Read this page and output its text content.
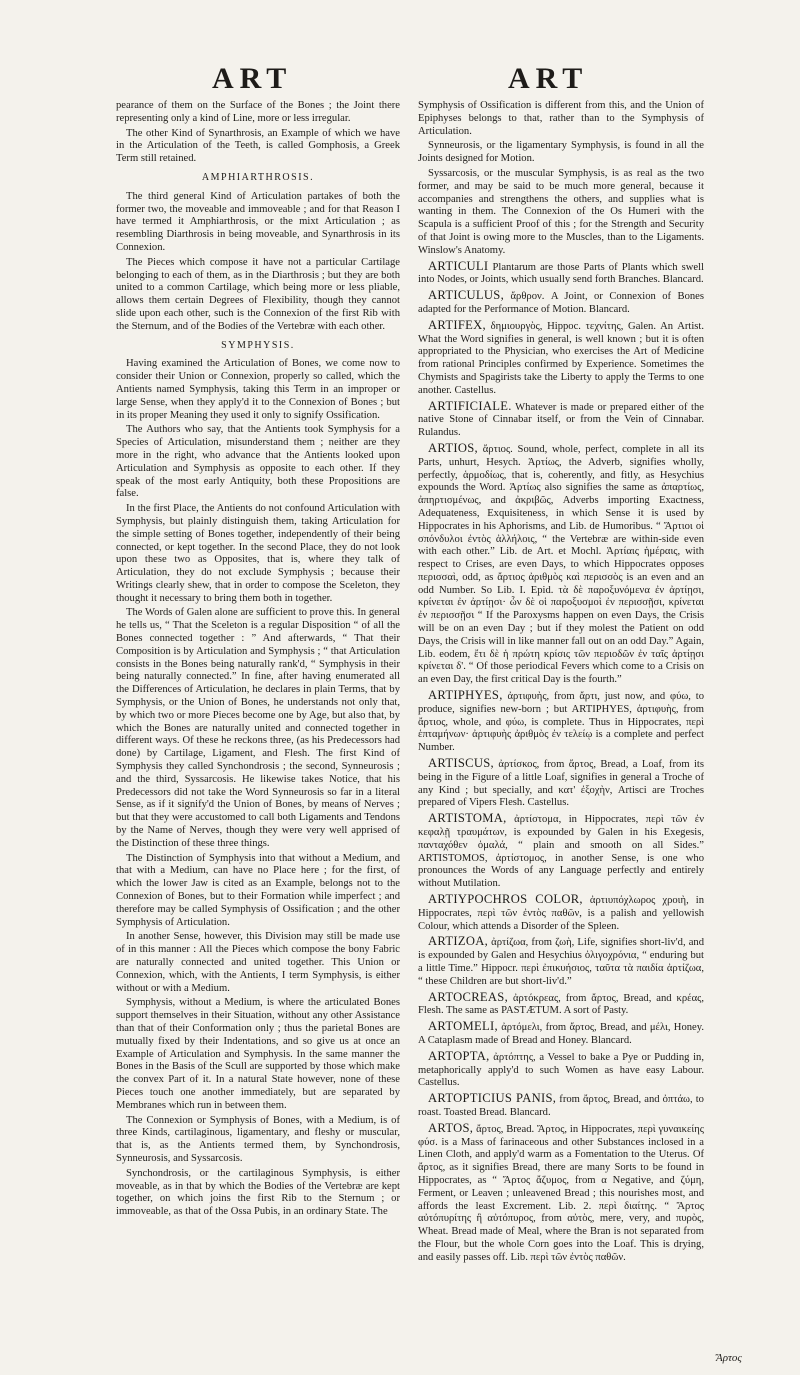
ART	ART

pearance of them on the Surface of the Bones ; the Joint there representing only a kind of Line, more or less irregular.

The other Kind of Synarthrosis, an Example of which we have in the Articulation of the Teeth, is called Gomphosis, a Greek Term still retained.

AMPHIARTHROSIS.

The third general Kind of Articulation partakes of both the former two, the moveable and immoveable ; and for that Reason I have termed it Amphiarthrosis, or the mixt Articulation ; as resembling Diarthrosis in being moveable, and Synarthrosis in its Connexion.

The Pieces which compose it have not a particular Cartilage belonging to each of them, as in the Diarthrosis ; but they are both united to a common Cartilage, which being more or less pliable, allows them certain Degrees of Flexibility, though they cannot slide upon each other, such is the Connexion of the first Rib with the Sternum, and of the Bodies of the Vertebræ with each other.

SYMPHYSIS.

Having examined the Articulation of Bones, we come now to consider their Union or Connexion, properly so called, which the Antients named Symphysis, taking this Term in an improper or large Sense, when they apply'd it to the Connexion of Bones ; but in its proper Meaning they used it only to signify Ossification.

The Authors who say, that the Antients took Symphysis for a Species of Articulation, misunderstand them ; neither are they more in the right, who advance that the Antients looked upon Articulation and Symphysis as opposite to each other. If they speak of the most early Antiquity, both these Propositions are false.

In the first Place, the Antients do not confound Articulation with Symphysis, but plainly distinguish them, taking Articulation for the simple setting of Bones together, independently of their being connected, or kept together. In the second Place, they do not look upon these two as Opposites, that is, where they talk of Articulation, they do not exclude Symphysis ; because their Writings clearly shew, that in order to compose the Sceleton, they thought it necessary to bring them both in together.

The Words of Galen alone are sufficient to prove this. In general he tells us, “ That the Sceleton is a regular Disposition “ of all the Bones connected together : ” And afterwards, “ That their Composition is by Articulation and Symphysis ; “ that Articulation consists in the Bones being naturally rank'd, “ Symphysis in their being naturally connected.” In fine, after having enumerated all the Differences of Articulation, he declares in plain Terms, that by Symphysis, or the Union of Bones, he understands not only that, by which two or more Pieces become one by Age, but also that, by which the Bones are naturally united and connected together in different ways. Of these he reckons three, (as his Predecessors had done) by Cartilage, Ligament, and Flesh. The first Kind of Symphysis they called Synchondrosis ; the second, Synneurosis ; and the third, Syssarcosis. He likewise takes Notice, that his Predecessors did not take the Word Synneurosis so far in a literal Sense, as if it signify'd the Union of Bones, by means of Nerves ; but that they were accustomed to call both Ligaments and Tendons by the Name of Nerves, though they were very well apprised of the Distinction of these three things.

The Distinction of Symphysis into that without a Medium, and that with a Medium, can have no Place here ; for the first, of which the lower Jaw is cited as an Example, belongs not to the Connexion of Bones, but to their Formation while imperfect ; and therefore may be called Symphysis of Ossification ; and the other Symphysis of Articulation.

In another Sense, however, this Division may still be made use of in this manner : All the Pieces which compose the bony Fabric are naturally connected and united together. This Union or Connexion, which, with the Antients, I term Symphysis, is either without or with a Medium.

Symphysis, without a Medium, is where the articulated Bones support themselves in their Situation, without any other Assistance than that of their Conformation only ; thus the parietal Bones are mutually fixed by their Indentations, and so give us at once an Example of Articulation and Symphysis. In the same manner the Bones in the Basis of the Scull are supported by those which make the convex Part of it. In a natural State however, none of these Pieces touch one another immediately, but are separated by Membranes which run in between them.

The Connexion or Symphysis of Bones, with a Medium, is of three Kinds, cartilaginous, ligamentary, and fleshy or muscular, that is, as the Antients termed them, by Synchondrosis, Synneurosis, and Syssarcosis.

Synchondrosis, or the cartilaginous Symphysis, is either moveable, as in that by which the Bodies of the Vertebræ are kept together, on which joins the first Rib to the Sternum ; or immoveable, as that of the Ossa Pubis, in an ordinary State. The

Symphysis of Ossification is different from this, and the Union of Epiphyses belongs to that, rather than to the Symphysis of Articulation.

Synneurosis, or the ligamentary Symphysis, is found in all the Joints designed for Motion.

Syssarcosis, or the muscular Symphysis, is as real as the two former, and may be said to be much more general, because it accompanies and strengthens the others, and supplies what is wanting in them. The Connexion of the Os Humeri with the Scapula is a sufficient Proof of this ; for the Strength and Security of that Joint is owing more to the Muscles, than to the Ligaments. Winslow's Anatomy.

ARTICULI Plantarum are those Parts of Plants which swell into Nodes, or Joints, which usually send forth Branches. Blancard.

ARTICULUS, ἄρθρον. A Joint, or Connexion of Bones adapted for the Performance of Motion. Blancard.

ARTIFEX, δημιουργὸς, Hippoc. τεχνίτης, Galen. An Artist. What the Word signifies in general, is well known ; but it is often appropriated to the Physician, who exercises the Art of Medicine from rational Principles confirmed by Experience. Sometimes the Chymists and Spagirists take the Liberty to apply the Terms to one another. Castellus.

ARTIFICIALE. Whatever is made or prepared either of the native Stone of Cinnabar itself, or from the Vein of Cinnabar. Rulandus.

ARTIOS, ἄρτιος. Sound, whole, perfect, complete in all its Parts, unhurt, Hesych. Ἀρτίως, the Adverb, signifies wholly, perfectly, ἁρμοδίως, that is, coherently, and fitly, as Hesychius expounds the Word. Ἀρτίως also signifies the same as ἀπαρτίως, ἀπηρτισμένως, and ἀκριβῶς, Adverbs importing Exactness, Adequateness, Exquisiteness, in which Sense it is used by Hippocrates in his Aphorisms, and Lib. de Humoribus. “ Ἄρτιοι οἱ σπόνδυλοι ἐντὸς ἀλλήλοις, “ the Vertebræ are within-side even with each other.” Lib. de Art. et Mochl. Ἀρτίαις ἡμέραις, with respect to Crises, are even Days, to which Hippocrates opposes περισσαὶ, odd, as ἄρτιος ἀριθμὸς καὶ περισσὸς is an even and an odd Number. So Lib. I. Epid. τὰ δὲ παροξυνόμενα ἐν ἀρτίῃσι, κρίνεται ἐν ἀρτίῃσι· ὧν δὲ οἱ παροξυσμοὶ ἐν περισσῇσι, κρίνεται ἐν περισσῇσι “ If the Paroxysms happen on even Days, the Crisis will be on an even Day ; but if they molest the Patient on odd Days, the Crisis will in like manner fall out on an odd Day.” Again, Lib. eodem, ἔτι δὲ ἡ πρώτη κρίσις τῶν περιοδῶν ἐν ταῖς ἀρτίῃσι κρίνεται δ'. “ Of those periodical Fevers which come to a Crisis on an even Day, the first critical Day is the fourth.”

ARTIPHYES, ἀρτιφυὴς, from ἄρτι, just now, and φύω, to produce, signifies new-born ; but ARTIPHYES, ἀρτιφυὴς, from ἄρτιος, whole, and φύω, is complete. Thus in Hippocrates, περὶ ἑπταμήνων· ἀρτιφυὴς ἀριθμὸς ἐν τελείῳ is a complete and perfect Number.

ARTISCUS, ἀρτίσκος, from ἄρτος, Bread, a Loaf, from its being in the Figure of a little Loaf, signifies in general a Troche of any Kind ; but specially, and κατ' ἐξοχὴν, Artisci are Troches prepared of Vipers Flesh. Castellus.

ARTISTOMA, ἀρτίστομα, in Hippocrates, περὶ τῶν ἐν κεφαλῇ τραυμάτων, is expounded by Galen in his Exegesis, πανταχόθεν ὁμαλά, “ plain and smooth on all Sides.” ARTISTOMOS, ἀρτίστομος, in another Sense, is one who pronounces the Words of any Language perfectly and entirely without Mutilation.

ARTIYPOCHROS COLOR, ἀρτιυπόχλωρος χροιὴ, in Hippocrates, περὶ τῶν ἐντὸς παθῶν, is a palish and yellowish Colour, which attends a Disorder of the Spleen.

ARTIZOA, ἀρτίζωα, from ζωὴ, Life, signifies short-liv'd, and is expounded by Galen and Hesychius ὀλιγοχρόνια, “ enduring but a little Time.” Hippocr. περὶ ἐπικυήσιος, ταῦτα τὰ παιδία ἀρτίζωα, “ these Children are but short-liv'd.”

ARTOCREAS, ἀρτόκρεας, from ἄρτος, Bread, and κρέας, Flesh. The same as PASTÆTUM. A sort of Pasty.

ARTOMELI, ἀρτόμελι, from ἄρτος, Bread, and μέλι, Honey. A Cataplasm made of Bread and Honey. Blancard.

ARTOPTA, ἀρτόπτης, a Vessel to bake a Pye or Pudding in, metaphorically apply'd to such Women as have easy Labour. Castellus.

ARTOPTICIUS PANIS, from ἄρτος, Bread, and ὀπτάω, to roast. Toasted Bread. Blancard.

ARTOS, ἄρτος, Bread. Ἄρτος, in Hippocrates, περὶ γυναικείης φύσ. is a Mass of farinaceous and other Substances inclosed in a Linen Cloth, and apply'd warm as a Fomentation to the Uterus. Of ἄρτος, as it signifies Bread, there are many Sorts to be found in Hippocrates, as “ Ἄρτος ἄζυμος, from α Negative, and ζύμη, Ferment, or Leaven ; unleavened Bread ; this nourishes most, and affords the least Excrement. Lib. 2. περὶ διαίτης. “ Ἄρτος αὐτόπυρίτης ἢ αὐτόπυρος, from αὐτὸς, mere, very, and πυρὸς, Wheat. Bread made of Meal, where the Bran is not separated from the Flour, but the whole Corn goes into the Loaf. This is drying, and easily passes off. Lib. περὶ τῶν ἐντὸς παθῶν.

Ἄρτος
